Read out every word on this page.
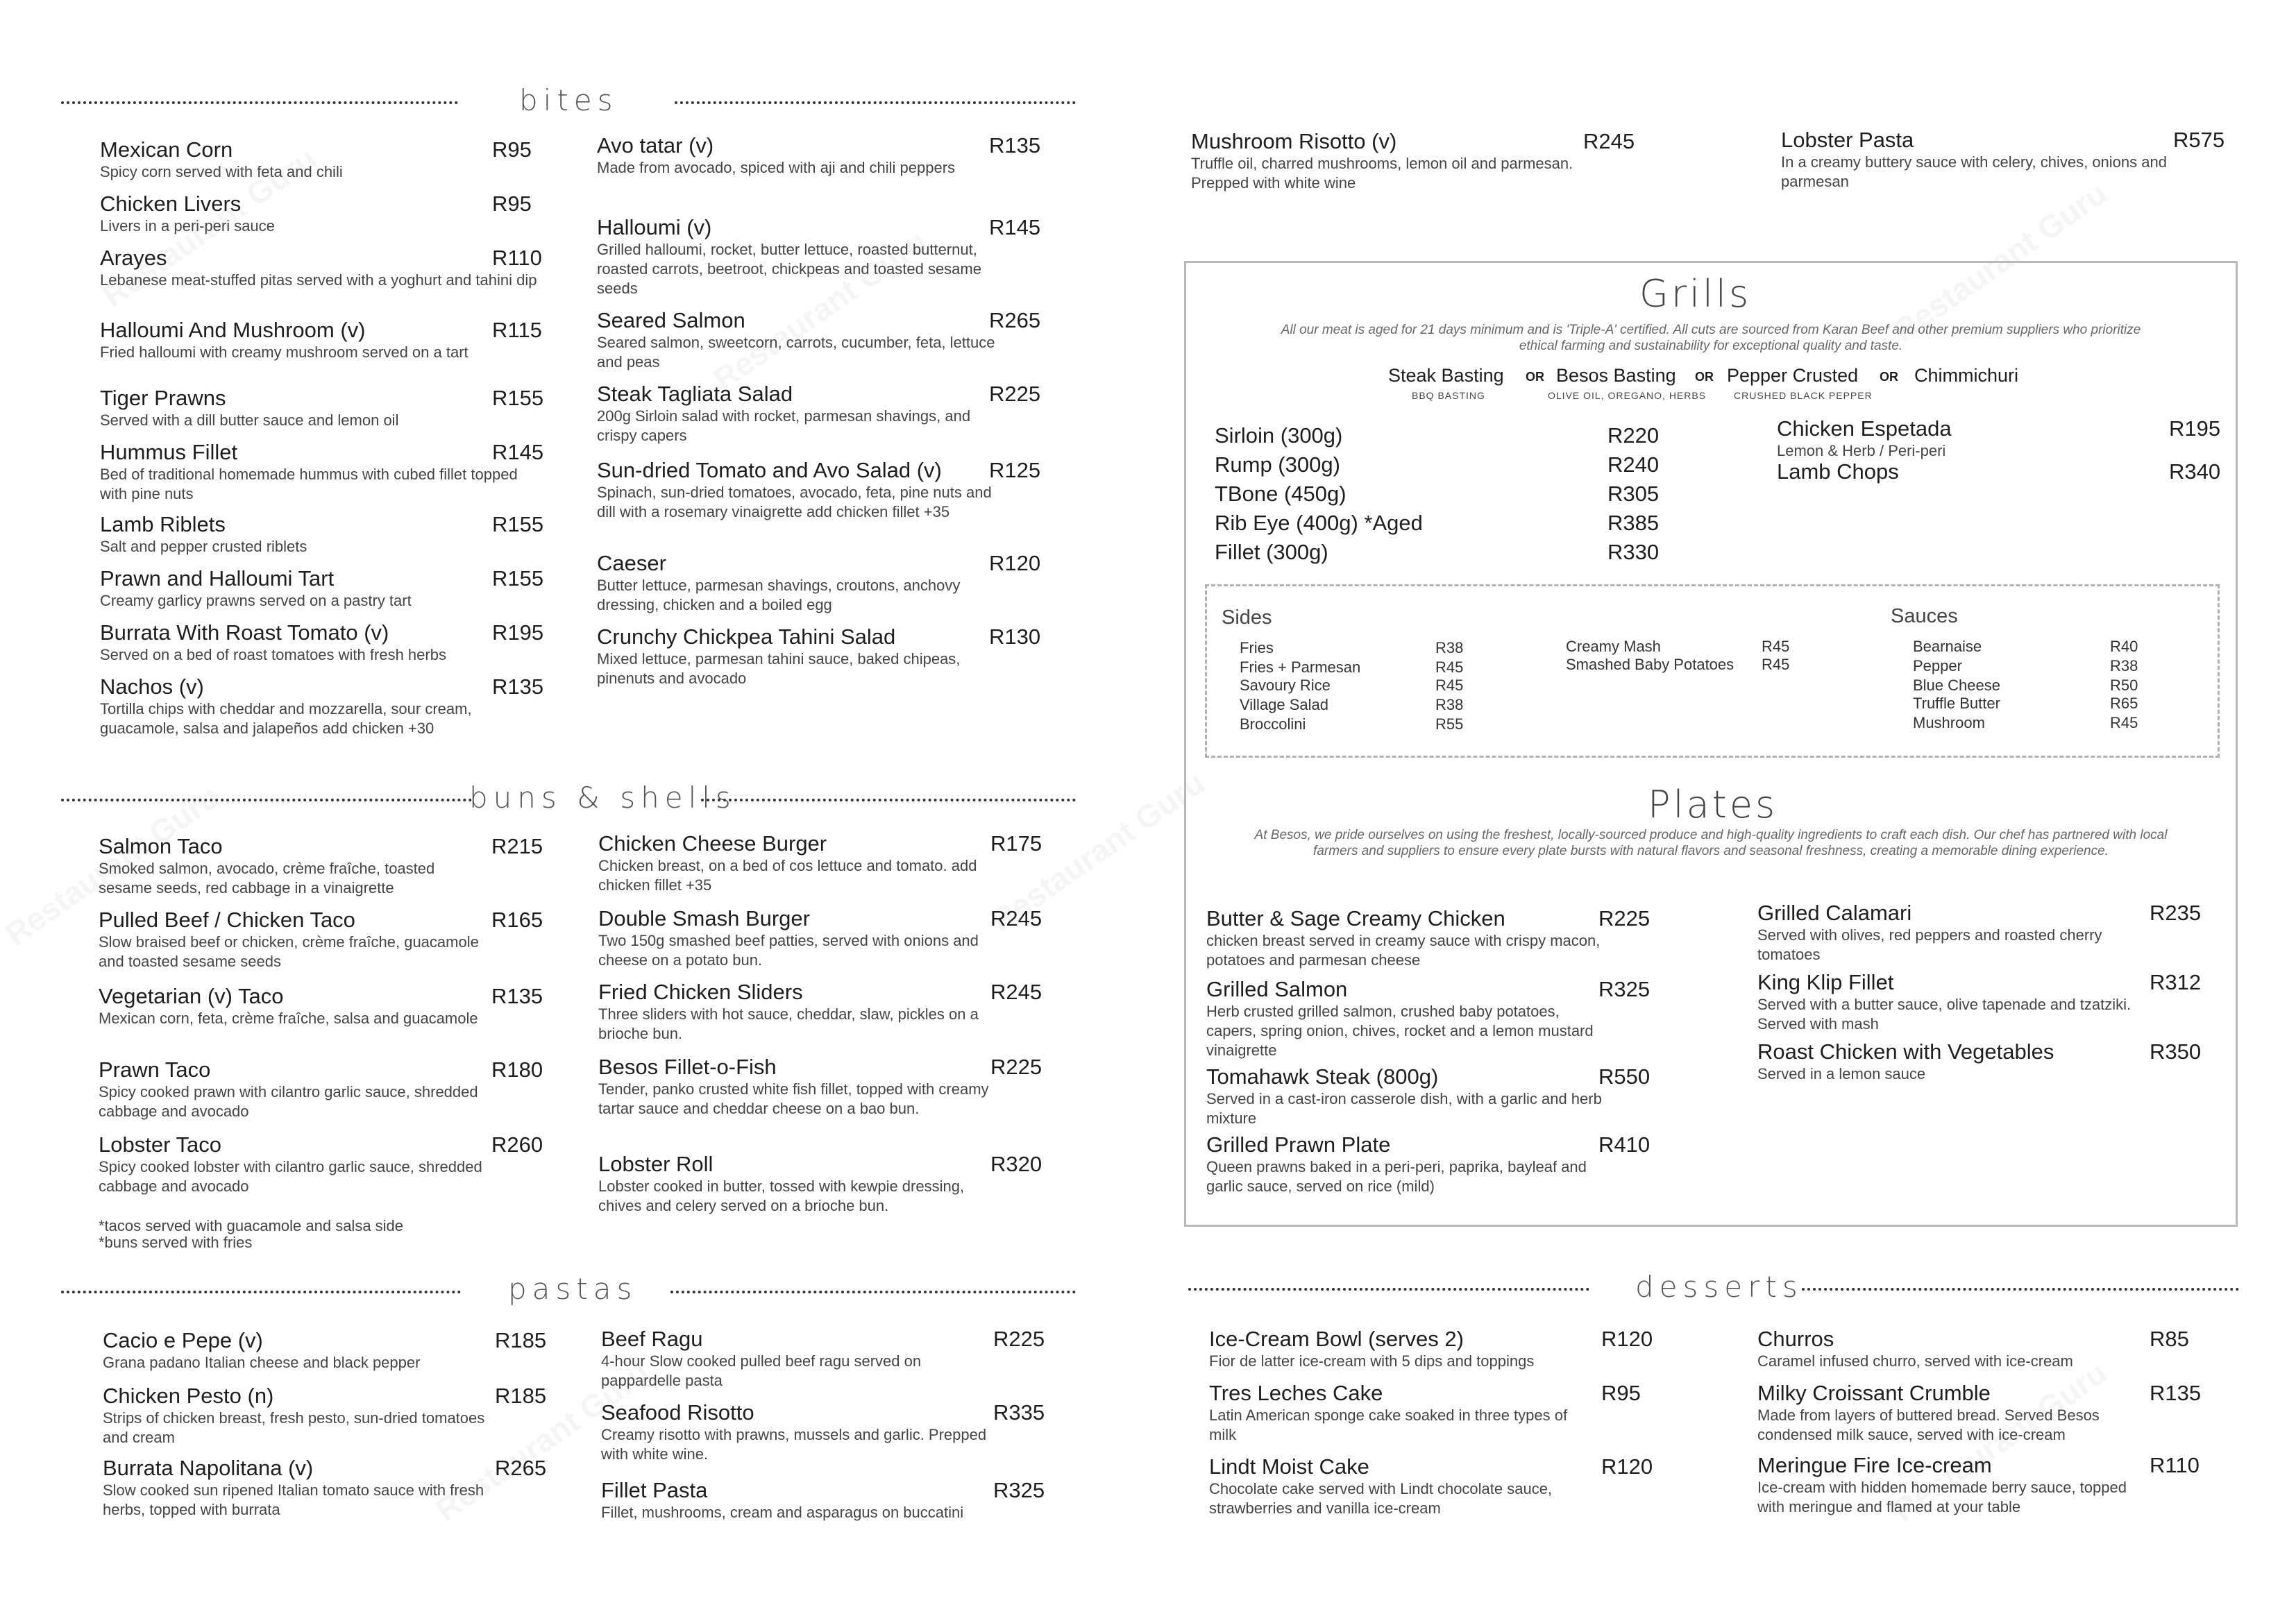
bites
Mexican Corn
Spicy corn served with feta and chili
R95
Chicken Livers
Livers in a peri-peri sauce
R95
Arayes
Lebanese meat-stuffed pitas served with a yoghurt and tahini dip
R110
Halloumi And Mushroom (v)
Fried halloumi with creamy mushroom served on a tart
R115
Tiger Prawns
Served with a dill butter sauce and lemon oil
R155
Hummus Fillet
Bed of traditional homemade hummus with cubed fillet topped with pine nuts
R145
Lamb Riblets
Salt and pepper crusted riblets
R155
Prawn and Halloumi Tart
Creamy garlicy prawns served on a pastry tart
R155
Burrata With Roast Tomato (v)
Served on a bed of roast tomatoes with fresh herbs
R195
Nachos (v)
Tortilla chips with cheddar and mozzarella, sour cream, guacamole, salsa and jalapeños add chicken +30
R135
Avo tatar (v)
Made from avocado, spiced with aji and chili peppers
R135
Halloumi (v)
Grilled halloumi, rocket, butter lettuce, roasted butternut, roasted carrots, beetroot, chickpeas and toasted sesame seeds
R145
Seared Salmon
Seared salmon, sweetcorn, carrots, cucumber, feta, lettuce and peas
R265
Steak Tagliata Salad
200g Sirloin salad with rocket, parmesan shavings, and crispy capers
R225
Sun-dried Tomato and Avo Salad (v)
Spinach, sun-dried tomatoes, avocado, feta, pine nuts and dill with a rosemary vinaigrette add chicken fillet +35
R125
Caeser
Butter lettuce, parmesan shavings, croutons, anchovy dressing, chicken and a boiled egg
R120
Crunchy Chickpea Tahini Salad
Mixed lettuce, parmesan tahini sauce, baked chipeas, pinenuts and avocado
R130
buns & shells
Salmon Taco
Smoked salmon, avocado, crème fraîche, toasted sesame seeds, red cabbage in a vinaigrette
R215
Pulled Beef / Chicken Taco
Slow braised beef or chicken, crème fraîche, guacamole and toasted sesame seeds
R165
Vegetarian (v) Taco
Mexican corn, feta, crème fraîche, salsa and guacamole
R135
Prawn Taco
Spicy cooked prawn with cilantro garlic sauce, shredded cabbage and avocado
R180
Lobster Taco
Spicy cooked lobster with cilantro garlic sauce, shredded cabbage and avocado
R260
Chicken Cheese Burger
Chicken breast, on a bed of cos lettuce and tomato. add chicken fillet +35
R175
Double Smash Burger
Two 150g smashed beef patties, served with onions and cheese on a potato bun.
R245
Fried Chicken Sliders
Three sliders with hot sauce, cheddar, slaw, pickles on a brioche bun.
R245
Besos Fillet-o-Fish
Tender, panko crusted white fish fillet, topped with creamy tartar sauce and cheddar cheese on a bao bun.
R225
Lobster Roll
Lobster cooked in butter, tossed with kewpie dressing, chives and celery served on a brioche bun.
R320
*tacos served with guacamole and salsa side
*buns served with fries
pastas
Cacio e Pepe (v)
Grana padano Italian cheese and black pepper
R185
Chicken Pesto (n)
Strips of chicken breast, fresh pesto, sun-dried tomatoes and cream
R185
Burrata Napolitana (v)
Slow cooked sun ripened Italian tomato sauce with fresh herbs, topped with burrata
R265
Beef Ragu
4-hour Slow cooked pulled beef ragu served on pappardelle pasta
R225
Seafood Risotto
Creamy risotto with prawns, mussels and garlic. Prepped with white wine.
R335
Fillet Pasta
Fillet, mushrooms, cream and asparagus on buccatini
R325
Mushroom Risotto (v)
Truffle oil, charred mushrooms, lemon oil and parmesan. Prepped with white wine
R245	Lobster Pasta
In a creamy buttery sauce with celery, chives, onions and parmesan
R575
Grills
All our meat is aged for 21 days minimum and is 'Triple-A' certified. All cuts are sourced from Karan Beef and other premium suppliers who prioritize ethical farming and sustainability for exceptional quality and taste.
Steak Basting
BBQ BASTING
OR Besos Basting
OLIVE OIL, OREGANO, HERBS
OR Pepper Crusted
CRUSHED BLACK PEPPER
OR Chimmichuri
Sirloin (300g)	R220
Rump (300g)	R240
TBone (450g)	R305
Rib Eye (400g) *Aged	R385
Fillet (300g)	R330
Chicken Espetada
Lemon & Herb / Peri-peri
R195
Lamb Chops	R340
Sides	Sauces
Fries	R38
Fries + Parmesan	R45
Savoury Rice	R45
Village Salad	R38
Broccolini	R55
Creamy Mash	R45
Smashed Baby Potatoes R45
Bearnaise	R40
Pepper	R38
Blue Cheese	R50
Truffle Butter	R65
Mushroom	R45
Plates
At Besos, we pride ourselves on using the freshest, locally-sourced produce and high-quality ingredients to craft each dish. Our chef has partnered with local farmers and suppliers to ensure every plate bursts with natural flavors and seasonal freshness, creating a memorable dining experience.
Butter & Sage Creamy Chicken
chicken breast served in creamy sauce with crispy macon, potatoes and parmesan cheese
R225
Grilled Salmon
Herb crusted grilled salmon, crushed baby potatoes, capers, spring onion, chives, rocket and a lemon mustard vinaigrette
R325
Tomahawk Steak (800g)
Served in a cast-iron casserole dish, with a garlic and herb mixture
R550
Grilled Prawn Plate
Queen prawns baked in a peri-peri, paprika, bayleaf and garlic sauce, served on rice (mild)
R410
Grilled Calamari
Served with olives, red peppers and roasted cherry tomatoes
R235
King Klip Fillet
Served with a butter sauce, olive tapenade and tzatziki. Served with mash
R312
Roast Chicken with Vegetables
Served in a lemon sauce
R350
desserts
Ice-Cream Bowl (serves 2)
Fior de latter ice-cream with 5 dips and toppings
R120
Tres Leches Cake
Latin American sponge cake soaked in three types of milk
R95
Lindt Moist Cake
Chocolate cake served with Lindt chocolate sauce, strawberries and vanilla ice-cream
R120
Churros
Caramel infused churro, served with ice-cream
R85
Milky Croissant Crumble
Made from layers of buttered bread. Served Besos condensed milk sauce, served with ice-cream
R135
Meringue Fire Ice-cream
Ice-cream with hidden homemade berry sauce, topped with meringue and flamed at your table
R110
